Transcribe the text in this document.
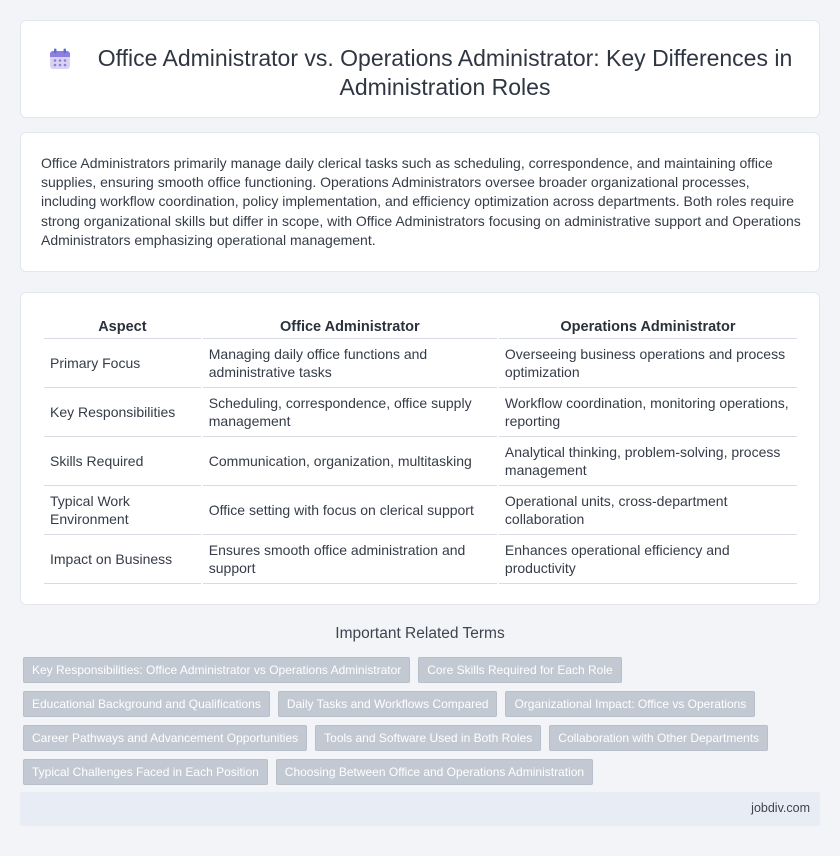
Office Administrator vs. Operations Administrator: Key Differences in Administration Roles

Office Administrators primarily manage daily clerical tasks such as scheduling, correspondence, and maintaining office supplies, ensuring smooth office functioning. Operations Administrators oversee broader organizational processes, including workflow coordination, policy implementation, and efficiency optimization across departments. Both roles require strong organizational skills but differ in scope, with Office Administrators focusing on administrative support and Operations Administrators emphasizing operational management.

Aspect	Office Administrator	Operations Administrator
Primary Focus	Managing daily office functions and administrative tasks	Overseeing business operations and process optimization
Key Responsibilities	Scheduling, correspondence, office supply management	Workflow coordination, monitoring operations, reporting
Skills Required	Communication, organization, multitasking	Analytical thinking, problem-solving, process management
Typical Work Environment	Office setting with focus on clerical support	Operational units, cross-department collaboration
Impact on Business	Ensures smooth office administration and support	Enhances operational efficiency and productivity
Important Related Terms
Key Responsibilities: Office Administrator vs Operations Administrator	Core Skills Required for Each Role
Educational Background and Qualifications	Daily Tasks and Workflows Compared	Organizational Impact: Office vs Operations
Career Pathways and Advancement Opportunities	Tools and Software Used in Both Roles	Collaboration with Other Departments
Typical Challenges Faced in Each Position	Choosing Between Office and Operations Administration
jobdiv.com
